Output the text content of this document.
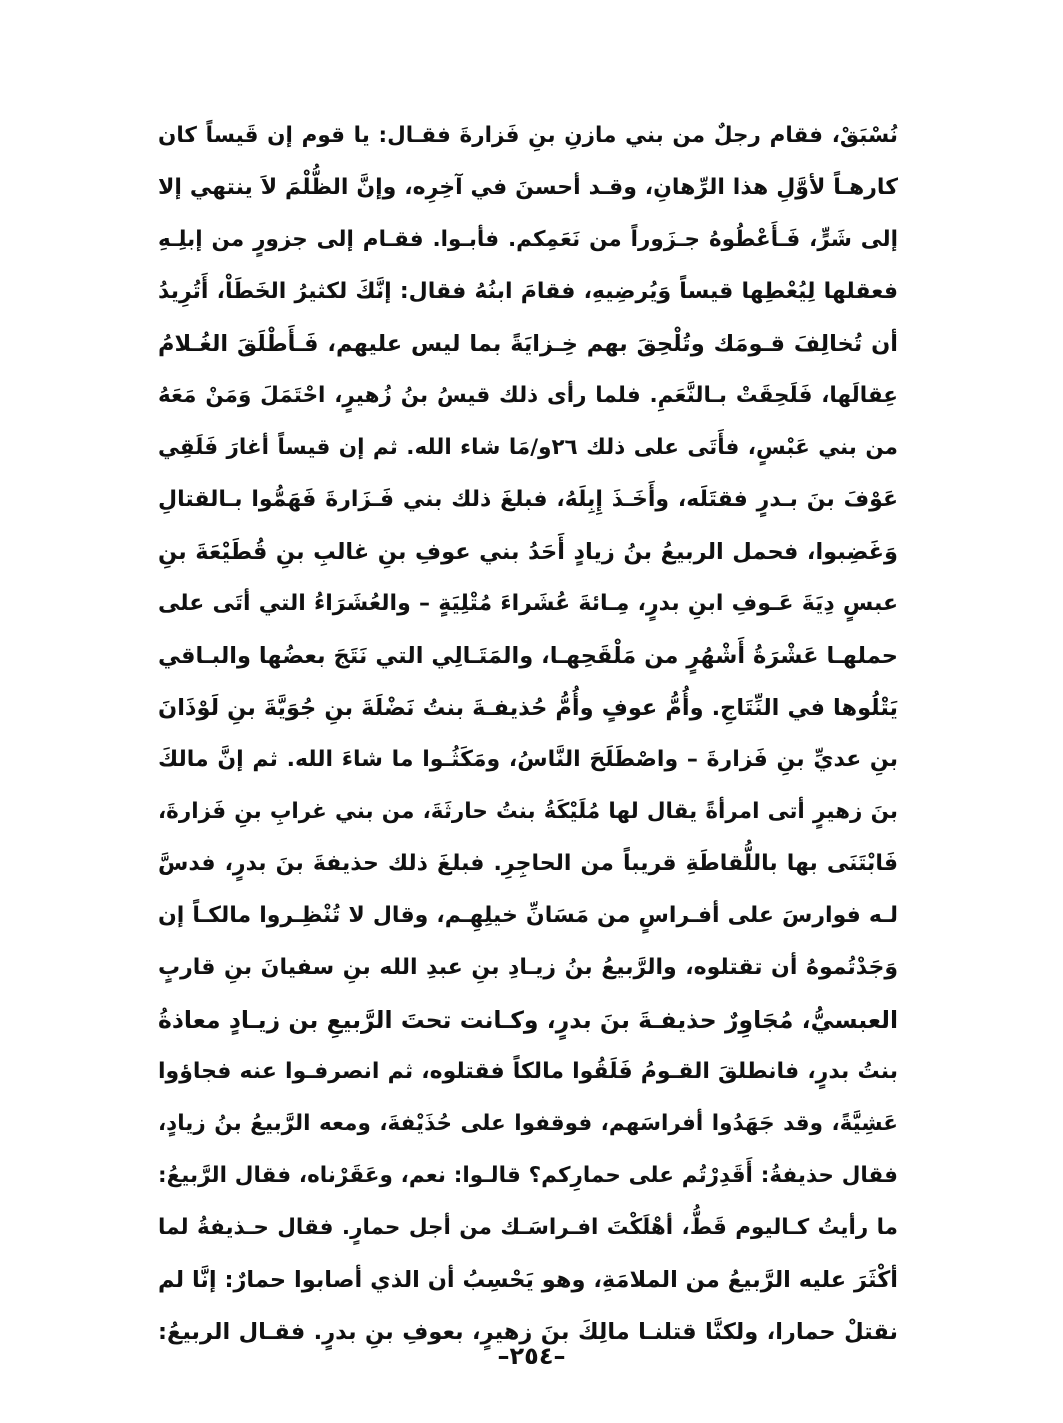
نُسْبَقْ، فقام رجلٌ من بني مازنِ بنِ فَزارةَ فقـال: يا قوم إن قَيساً كان
كارهـاً لأوَّلِ هذا الرِّهانِ، وقـد أحسنَ في آخِرِه، وإنَّ الظُّلْمَ لاَ ينتهي إلا
إلى شَرٍّ، فَـأَعْطُوهُ جـزَوراً من نَعَمِكم. فأبـوا. فقـام إلى جزورٍ من إبلِـهِ
فعقلها لِيُعْطِها قيساً وَيُرضِيهِ، فقامَ ابنُهُ فقال: إنَّكَ لكثيرُ الخَطَاْ، أَتُرِيدُ
أن تُخالِفَ قـومَك وتُلْحِقَ بهم خِـزايَةً بما ليس عليهم، فَـأَطْلَقَ الغُـلامُ
عِقالَها، فَلَحِقَتْ بـالنَّعَمِ. فلما رأى ذلك قيسُ بنُ زُهيرٍ، احْتَمَلَ وَمَنْ مَعَهُ
من بني عَبْسٍ، فأَتَى على ذلك ٢٦و/مَا شاء الله. ثم إن قيساً أغارَ فَلَقِي
عَوْفَ بنَ بـدرٍ فقتَلَه، وأَخَـذَ إِبِلَهُ، فبلغَ ذلك بني فَـزَارةَ فَهَمُّوا بـالقتالِ
وَغَضِبوا، فحمل الربيعُ بنُ زيادٍ أَحَدُ بني عوفِ بنِ غالبِ بنِ قُطَيْعَةَ بنِ
عبسٍ دِيَةَ عَـوفِ ابنِ بدرٍ، مِـائةَ عُشَراءَ مُتْلِيَةٍ – والعُشَرَاءُ التي أتَى على
حملهـا عَشْرَةُ أَشْهُرٍ من مَلْقَحِهـا، والمَتَـالِي التي نَتَجَ بعضُها والبـاقي
يَتْلُوها في النِّتَاجِ. وأُمُّ عوفٍ وأُمُّ حُذيفـةَ بنتُ نَضْلَةَ بنِ جُوَيَّةَ بنِ لَوْذَانَ
بنِ عديِّ بنِ فَزارةَ – واصْطَلَحَ النَّاسُ، ومَكَثُـوا ما شاءَ الله. ثم إنَّ مالكَ
بنَ زهيرٍ أتى امرأةً يقال لها مُلَيْكَةُ بنتُ حارثَةَ، من بني غرابِ بنِ فَزارةَ،
فَابْتَنَى بها باللُّقاطَةِ قريباً من الحاجِرِ. فبلغَ ذلك حذيفةَ بنَ بدرٍ، فدسَّ
لـه فوارسَ على أفـراسٍ من مَسَانِّ خيلِهِـم، وقال لا تُنْظِـروا مالكـاً إن
وَجَدْتُموهُ أن تقتلوه، والرَّبيعُ بنُ زيـادِ بنِ عبدِ الله بنِ سفيانَ بنِ قاربٍ
العبسيُّ، مُجَاوِرٌ حذيفـةَ بنَ بدرٍ، وكـانت تحتَ الرَّبيعِ بن زيـادٍ معاذةُ
بنتُ بدرٍ، فانطلقَ القـومُ فَلَقُوا مالكاً فقتلوه، ثم انصرفـوا عنه فجاؤوا
عَشِيَّةً، وقد جَهَدُوا أفراسَهم، فوقفوا على حُذَيْفةَ، ومعه الرَّبيعُ بنُ زيادٍ،
فقال حذيفةُ: أَقَدِرْتُم على حمارِكم؟ قالـوا: نعم، وعَقَرْناه، فقال الرَّبيعُ:
ما رأيتُ كـاليوم قَطُّ، أهْلَكْتَ افـراسَـك من أجل حمارٍ. فقال حـذيفةُ لما
أكْثَرَ عليه الرَّبيعُ من الملامَةِ، وهو يَحْسِبُ أن الذي أصابوا حمارٌ: إنَّا لم
نقتلْ حمارا، ولكنَّا قتلنـا مالِكَ بنَ زهيرٍ، بعوفِ بنِ بدرٍ. فقـال الربيعُ:
–٢٥٤–
